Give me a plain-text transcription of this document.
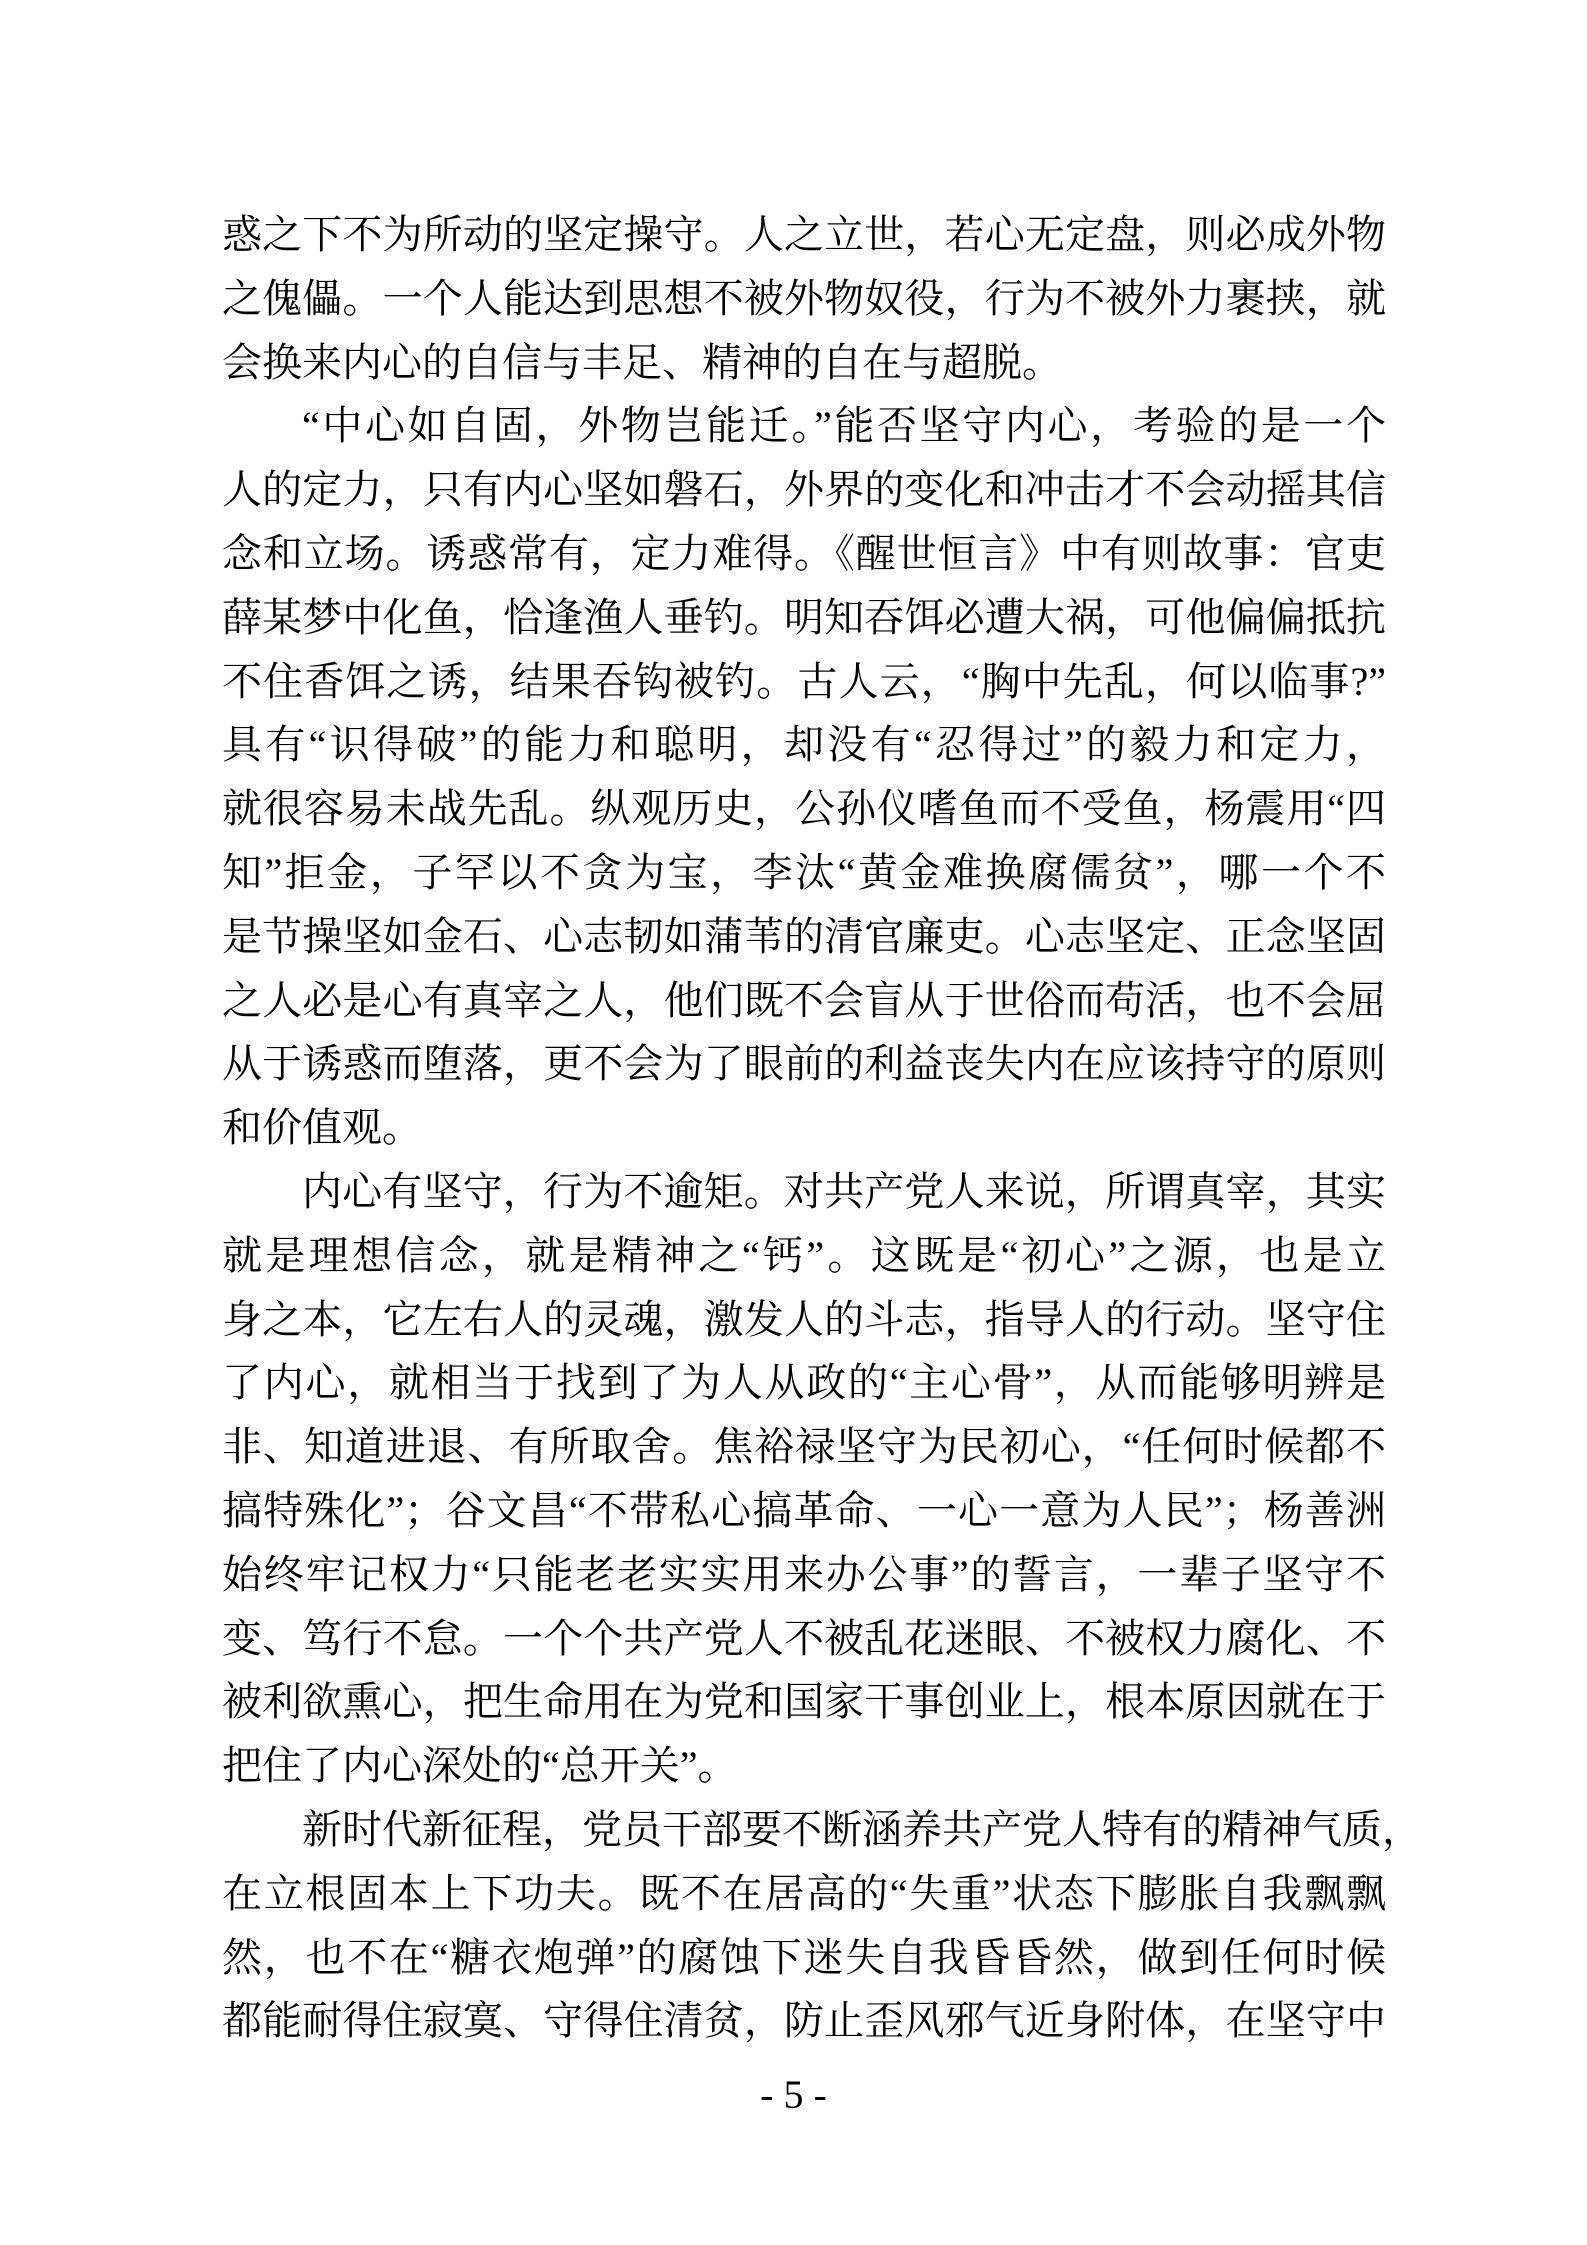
惑之下不为所动的坚定操守。人之立世，若心无定盘，则必成外物
之傀儡。一个人能达到思想不被外物奴役，行为不被外力裹挟，就
会换来内心的自信与丰足、精神的自在与超脱。
“中心如自固，外物岂能迁。”能否坚守内心，考验的是一个
人的定力，只有内心坚如磐石，外界的变化和冲击才不会动摇其信
念和立场。诱惑常有，定力难得。《醒世恒言》中有则故事：官吏
薛某梦中化鱼，恰逢渔人垂钓。明知吞饵必遭大祸，可他偏偏抵抗
不住香饵之诱，结果吞钩被钓。古人云，“胸中先乱，何以临事?”
具有“识得破”的能力和聪明，却没有“忍得过”的毅力和定力，
就很容易未战先乱。纵观历史，公孙仪嗜鱼而不受鱼，杨震用“四
知”拒金，子罕以不贪为宝，李汰“黄金难换腐儒贫”，哪一个不
是节操坚如金石、心志韧如蒲苇的清官廉吏。心志坚定、正念坚固
之人必是心有真宰之人，他们既不会盲从于世俗而苟活，也不会屈
从于诱惑而堕落，更不会为了眼前的利益丧失内在应该持守的原则
和价值观。
内心有坚守，行为不逾矩。对共产党人来说，所谓真宰，其实
就是理想信念，就是精神之“钙”。这既是“初心”之源，也是立
身之本，它左右人的灵魂，激发人的斗志，指导人的行动。坚守住
了内心，就相当于找到了为人从政的“主心骨”，从而能够明辨是
非、知道进退、有所取舍。焦裕禄坚守为民初心，“任何时候都不
搞特殊化”；谷文昌“不带私心搞革命、一心一意为人民”；杨善洲
始终牢记权力“只能老老实实用来办公事”的誓言，一辈子坚守不
变、笃行不怠。一个个共产党人不被乱花迷眼、不被权力腐化、不
被利欲熏心，把生命用在为党和国家干事创业上，根本原因就在于
把住了内心深处的“总开关”。
新时代新征程，党员干部要不断涵养共产党人特有的精神气质，
在立根固本上下功夫。既不在居高的“失重”状态下膨胀自我飘飘
然，也不在“糖衣炮弹”的腐蚀下迷失自我昏昏然，做到任何时候
都能耐得住寂寞、守得住清贫，防止歪风邪气近身附体，在坚守中
- 5 -
